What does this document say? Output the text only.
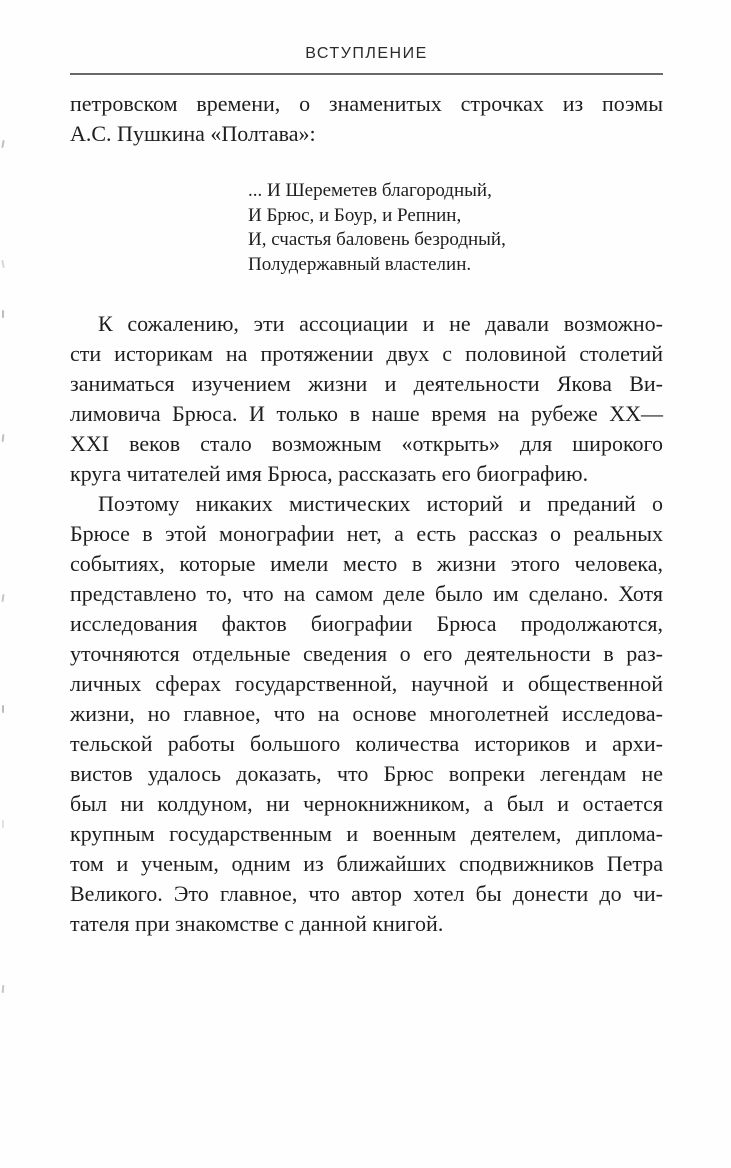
ВСТУПЛЕНИЕ
петровском времени, о знаменитых строчках из поэмы
А.С. Пушкина «Полтава»:
... И Шереметев благородный,
И Брюс, и Боур, и Репнин,
И, счастья баловень безродный,
Полудержавный властелин.
К сожалению, эти ассоциации и не давали возможно-
сти историкам на протяжении двух с половиной столетий
заниматься изучением жизни и деятельности Якова Ви-
лимовича Брюса. И только в наше время на рубеже XX—
XXI веков стало возможным «открыть» для широкого
круга читателей имя Брюса, рассказать его биографию.
Поэтому никаких мистических историй и преданий о
Брюсе в этой монографии нет, а есть рассказ о реальных
событиях, которые имели место в жизни этого человека,
представлено то, что на самом деле было им сделано. Хотя
исследования фактов биографии Брюса продолжаются,
уточняются отдельные сведения о его деятельности в раз-
личных сферах государственной, научной и общественной
жизни, но главное, что на основе многолетней исследова-
тельской работы большого количества историков и архи-
вистов удалось доказать, что Брюс вопреки легендам не
был ни колдуном, ни чернокнижником, а был и остается
крупным государственным и военным деятелем, диплома-
том и ученым, одним из ближайших сподвижников Петра
Великого. Это главное, что автор хотел бы донести до чи-
тателя при знакомстве с данной книгой.
